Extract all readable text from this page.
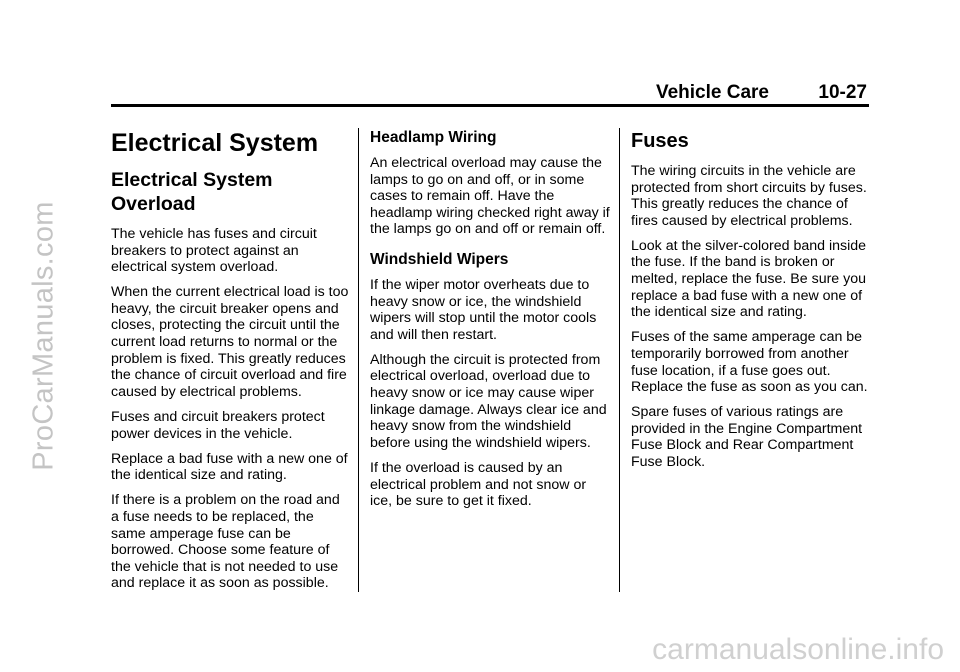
ProCarManuals.com
Vehicle Care	10-27
Electrical System
Electrical System Overload

The vehicle has fuses and circuit breakers to protect against an electrical system overload.

When the current electrical load is too heavy, the circuit breaker opens and closes, protecting the circuit until the current load returns to normal or the problem is fixed. This greatly reduces the chance of circuit overload and fire caused by electrical problems.

Fuses and circuit breakers protect power devices in the vehicle.

Replace a bad fuse with a new one of the identical size and rating.

If there is a problem on the road and a fuse needs to be replaced, the same amperage fuse can be borrowed. Choose some feature of the vehicle that is not needed to use and replace it as soon as possible.

Headlamp Wiring

An electrical overload may cause the lamps to go on and off, or in some cases to remain off. Have the headlamp wiring checked right away if the lamps go on and off or remain off.

Windshield Wipers

If the wiper motor overheats due to heavy snow or ice, the windshield wipers will stop until the motor cools and will then restart.

Although the circuit is protected from electrical overload, overload due to heavy snow or ice may cause wiper linkage damage. Always clear ice and heavy snow from the windshield before using the windshield wipers.

If the overload is caused by an electrical problem and not snow or ice, be sure to get it fixed.

Fuses

The wiring circuits in the vehicle are protected from short circuits by fuses. This greatly reduces the chance of fires caused by electrical problems.

Look at the silver-colored band inside the fuse. If the band is broken or melted, replace the fuse. Be sure you replace a bad fuse with a new one of the identical size and rating.

Fuses of the same amperage can be temporarily borrowed from another fuse location, if a fuse goes out. Replace the fuse as soon as you can.

Spare fuses of various ratings are provided in the Engine Compartment Fuse Block and Rear Compartment Fuse Block.

carmanualsonline.info
